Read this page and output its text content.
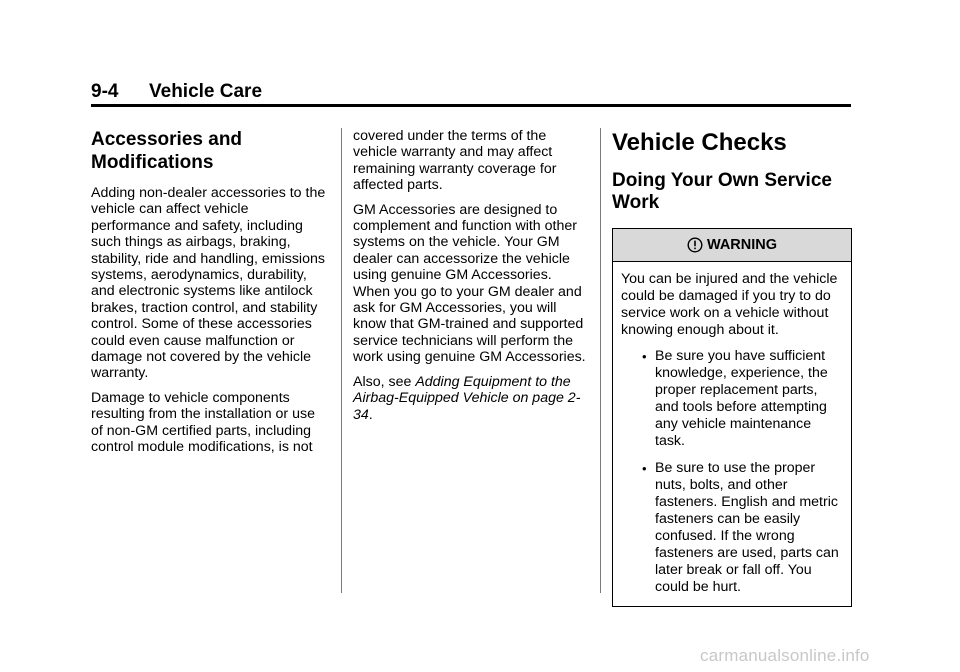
9-4 Vehicle Care
Accessories and Modifications

Adding non-dealer accessories to the vehicle can affect vehicle performance and safety, including such things as airbags, braking, stability, ride and handling, emissions systems, aerodynamics, durability, and electronic systems like antilock brakes, traction control, and stability control. Some of these accessories could even cause malfunction or damage not covered by the vehicle warranty.

Damage to vehicle components resulting from the installation or use of non-GM certified parts, including control module modifications, is not

covered under the terms of the vehicle warranty and may affect remaining warranty coverage for affected parts.

GM Accessories are designed to complement and function with other systems on the vehicle. Your GM dealer can accessorize the vehicle using genuine GM Accessories. When you go to your GM dealer and ask for GM Accessories, you will know that GM-trained and supported service technicians will perform the work using genuine GM Accessories.

Also, see Adding Equipment to the Airbag-Equipped Vehicle on page 2-34.

Vehicle Checks
Doing Your Own Service Work
WARNING

You can be injured and the vehicle could be damaged if you try to do service work on a vehicle without knowing enough about it.

• Be sure you have sufficient knowledge, experience, the proper replacement parts, and tools before attempting any vehicle maintenance task.
• Be sure to use the proper nuts, bolts, and other fasteners. English and metric fasteners can be easily confused. If the wrong fasteners are used, parts can later break or fall off. You could be hurt.
carmanualsonline.info
